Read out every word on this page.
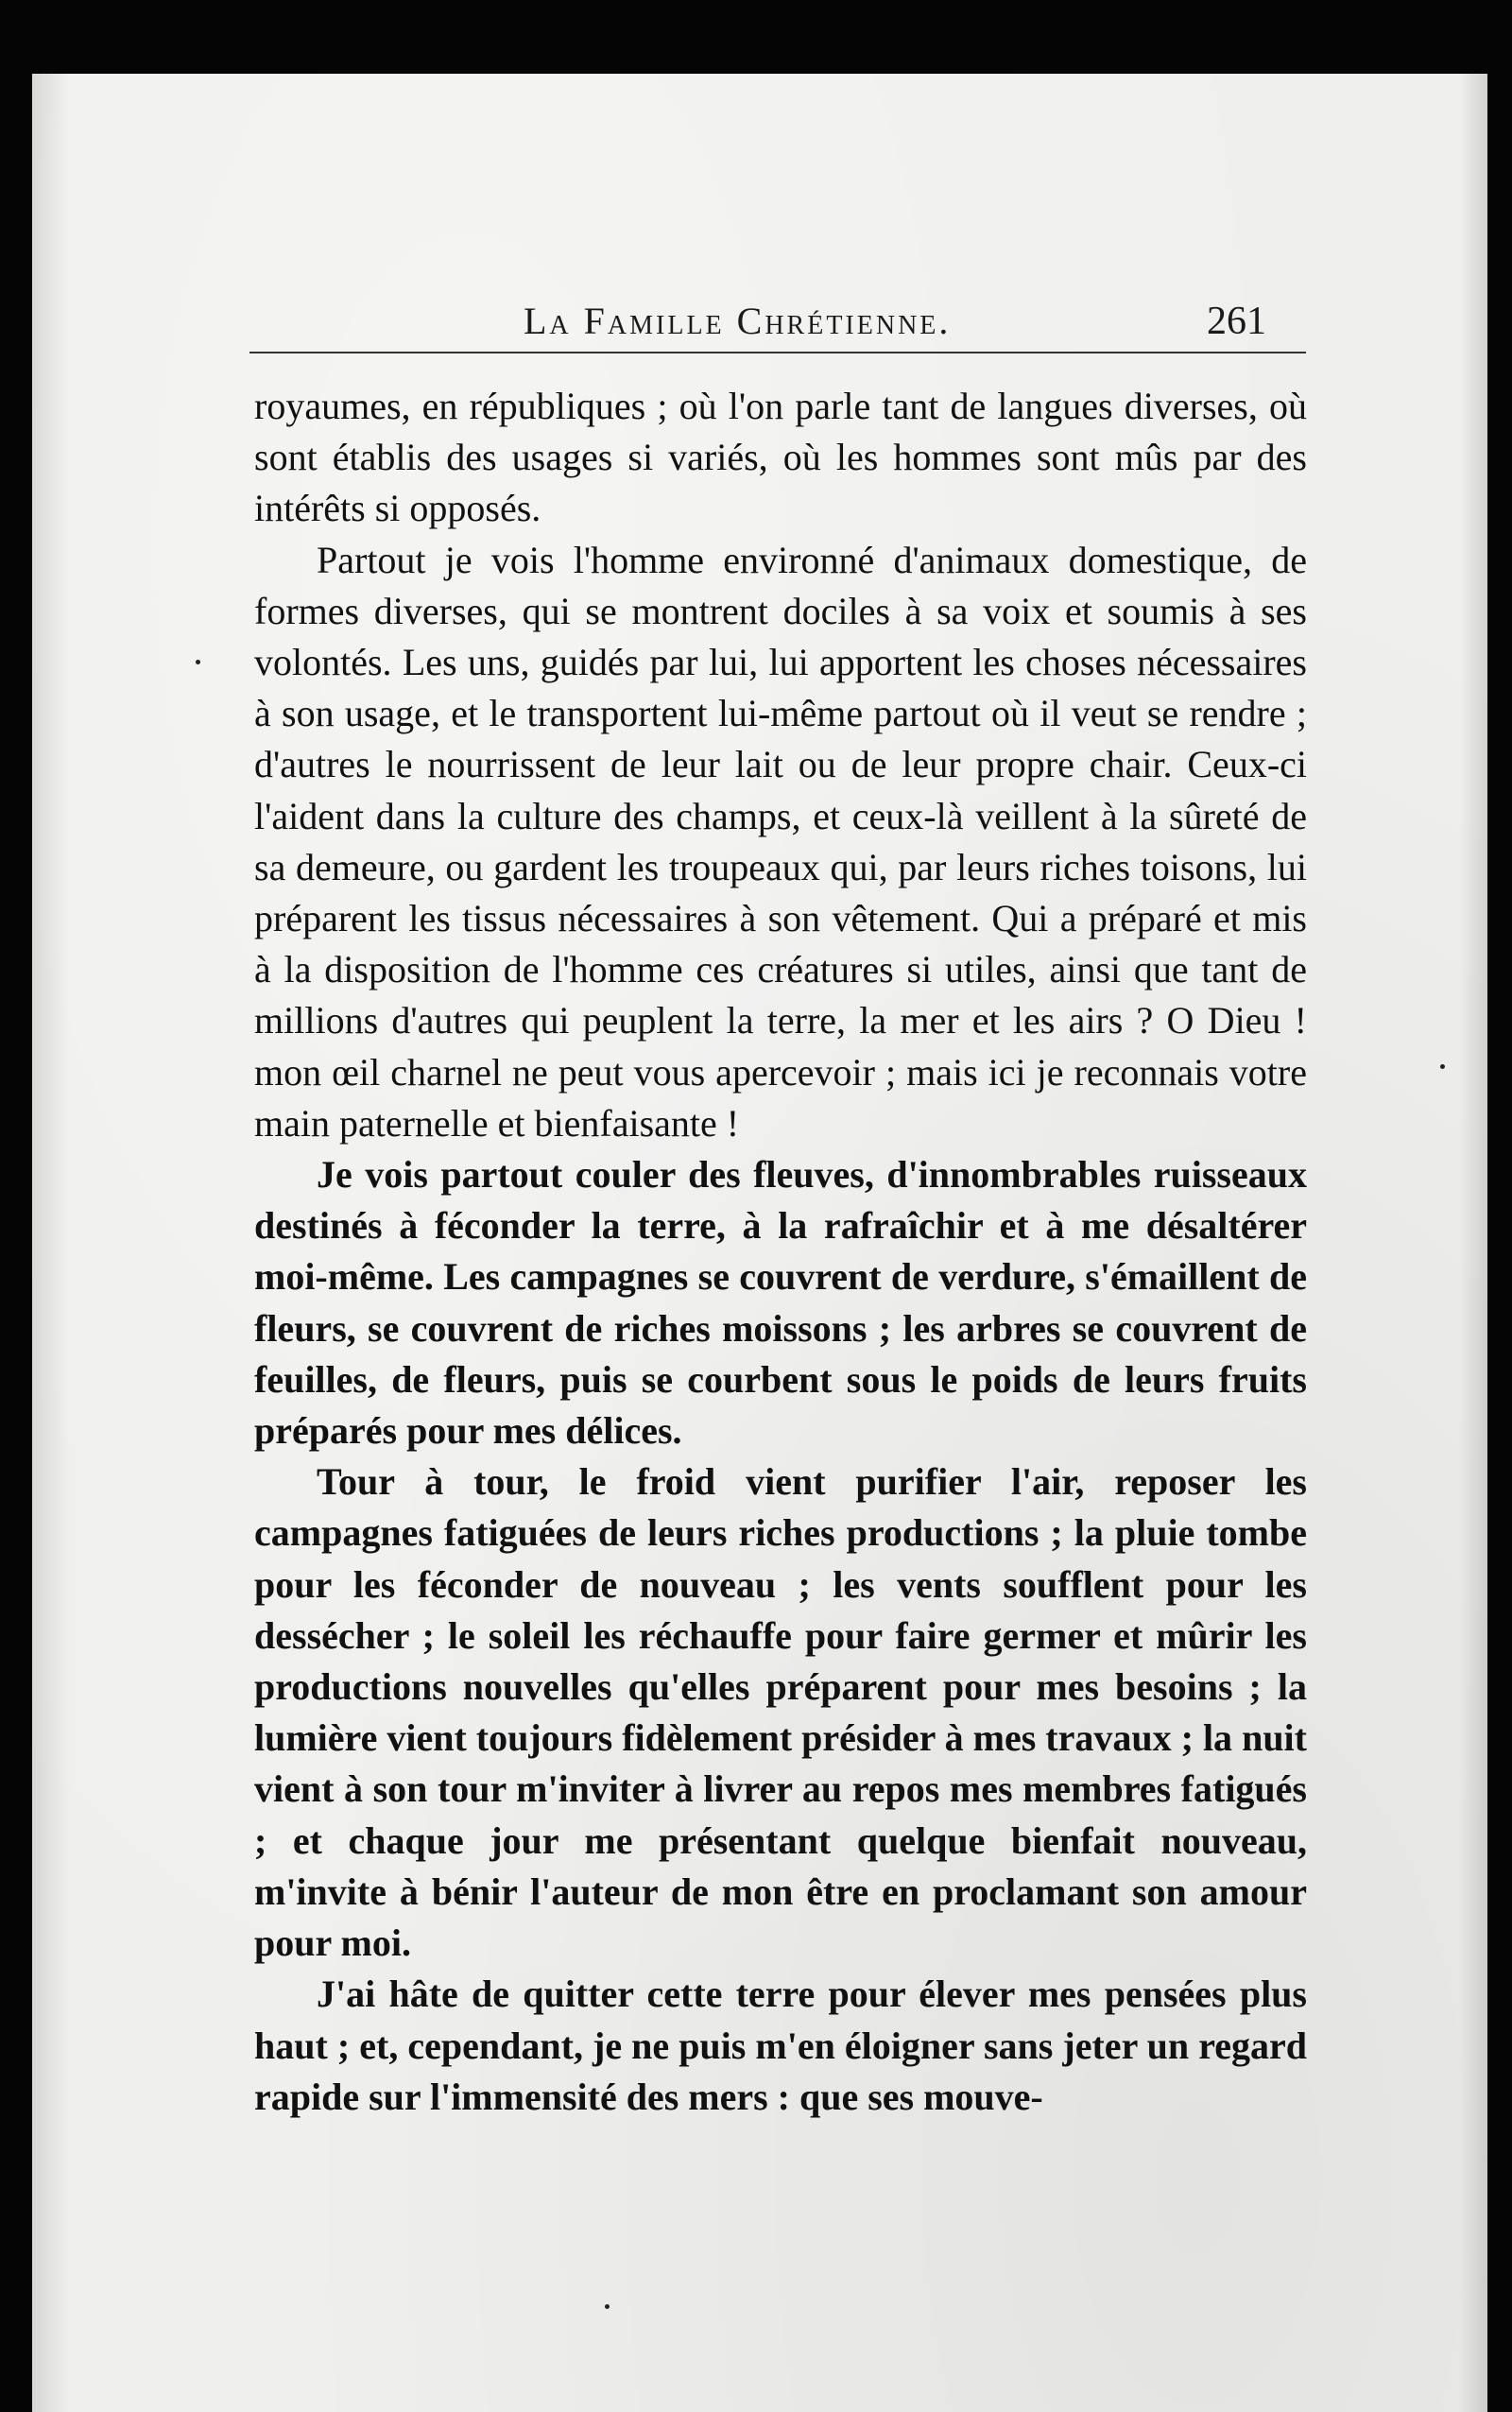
La Famille Chrétienne.	261

royaumes, en républiques ; où l'on parle tant de langues diverses, où sont établis des usages si variés, où les hommes sont mûs par des intérêts si opposés.

Partout je vois l'homme environné d'animaux domestique, de formes diverses, qui se montrent dociles à sa voix et soumis à ses volontés. Les uns, guidés par lui, lui apportent les choses nécessaires à son usage, et le transportent lui-même partout où il veut se rendre ; d'autres le nourrissent de leur lait ou de leur propre chair. Ceux-ci l'aident dans la culture des champs, et ceux-là veillent à la sûreté de sa demeure, ou gardent les troupeaux qui, par leurs riches toisons, lui préparent les tissus nécessaires à son vêtement. Qui a préparé et mis à la disposition de l'homme ces créatures si utiles, ainsi que tant de millions d'autres qui peuplent la terre, la mer et les airs ? O Dieu ! mon œil charnel ne peut vous apercevoir ; mais ici je reconnais votre main paternelle et bienfaisante !

Je vois partout couler des fleuves, d'innombrables ruisseaux destinés à féconder la terre, à la rafraîchir et à me désaltérer moi-même. Les campagnes se couvrent de verdure, s'émaillent de fleurs, se couvrent de riches moissons ; les arbres se couvrent de feuilles, de fleurs, puis se courbent sous le poids de leurs fruits préparés pour mes délices.

Tour à tour, le froid vient purifier l'air, reposer les campagnes fatiguées de leurs riches productions ; la pluie tombe pour les féconder de nouveau ; les vents soufflent pour les dessécher ; le soleil les réchauffe pour faire germer et mûrir les productions nouvelles qu'elles préparent pour mes besoins ; la lumière vient toujours fidèlement présider à mes travaux ; la nuit vient à son tour m'inviter à livrer au repos mes membres fatigués ; et chaque jour me présentant quelque bienfait nouveau, m'invite à bénir l'auteur de mon être en proclamant son amour pour moi.

J'ai hâte de quitter cette terre pour élever mes pensées plus haut ; et, cependant, je ne puis m'en éloigner sans jeter un regard rapide sur l'immensité des mers : que ses mouve-
